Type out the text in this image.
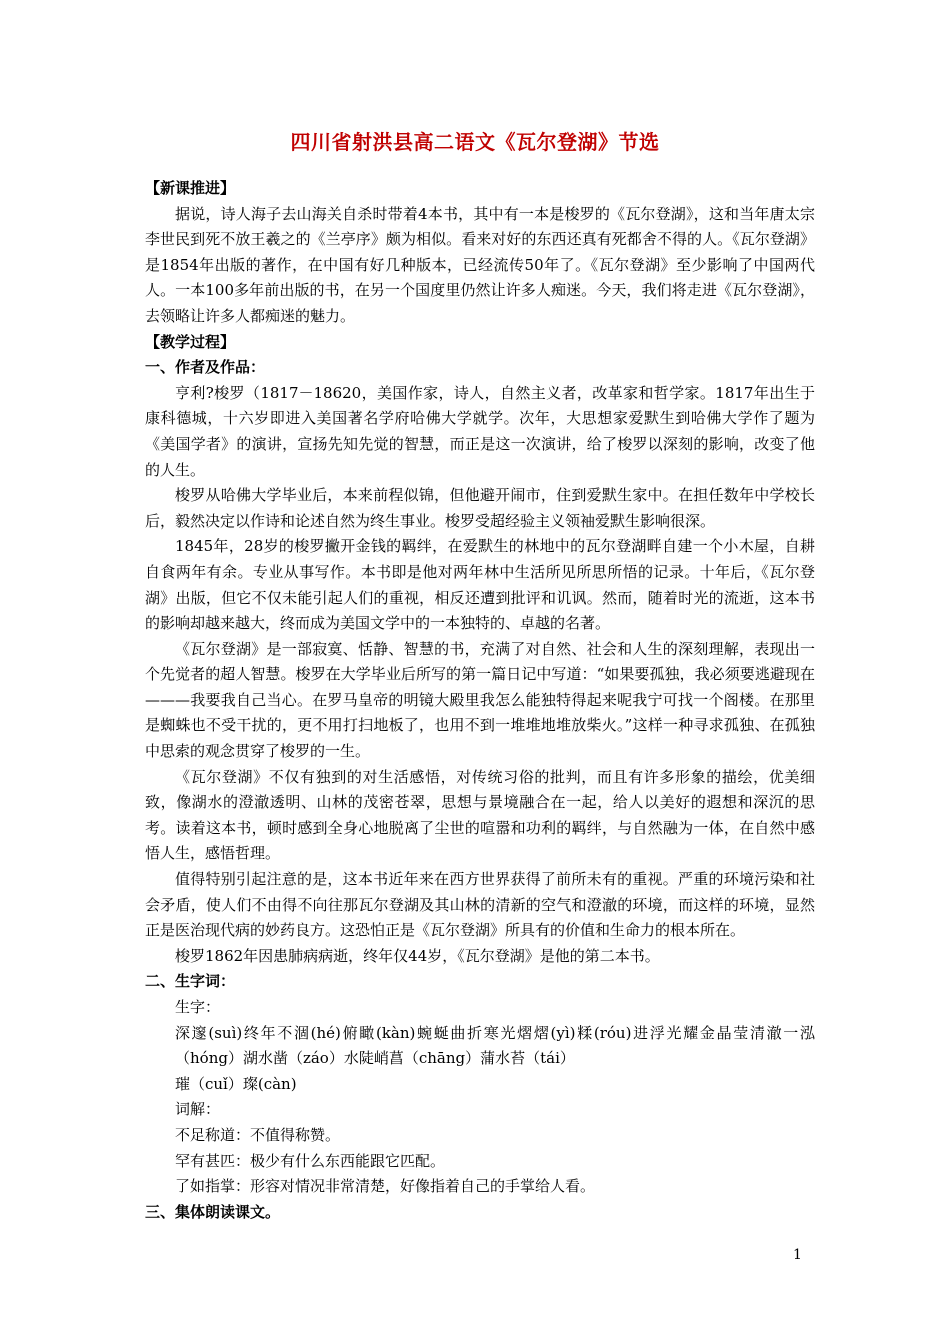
四川省射洪县高二语文《瓦尔登湖》节选

【新课推进】

据说，诗人海子去山海关自杀时带着4本书，其中有一本是梭罗的《瓦尔登湖》，这和当年唐太宗李世民到死不放王羲之的《兰亭序》颇为相似。看来对好的东西还真有死都舍不得的人。《瓦尔登湖》是1854年出版的著作，在中国有好几种版本，已经流传50年了。《瓦尔登湖》至少影响了中国两代人。一本100多年前出版的书，在另一个国度里仍然让许多人痴迷。今天，我们将走进《瓦尔登湖》，去领略让许多人都痴迷的魅力。

【教学过程】

一、作者及作品：

亨利?梭罗（1817－18620，美国作家，诗人，自然主义者，改革家和哲学家。1817年出生于康科德城，十六岁即进入美国著名学府哈佛大学就学。次年，大思想家爱默生到哈佛大学作了题为《美国学者》的演讲，宣扬先知先觉的智慧，而正是这一次演讲，给了梭罗以深刻的影响，改变了他的人生。

梭罗从哈佛大学毕业后，本来前程似锦，但他避开闹市，住到爱默生家中。在担任数年中学校长后，毅然决定以作诗和论述自然为终生事业。梭罗受超经验主义领袖爱默生影响很深。

1845年，28岁的梭罗撇开金钱的羁绊，在爱默生的林地中的瓦尔登湖畔自建一个小木屋，自耕自食两年有余。专业从事写作。本书即是他对两年林中生活所见所思所悟的记录。十年后，《瓦尔登湖》出版，但它不仅未能引起人们的重视，相反还遭到批评和讥讽。然而，随着时光的流逝，这本书的影响却越来越大，终而成为美国文学中的一本独特的、卓越的名著。

《瓦尔登湖》是一部寂寞、恬静、智慧的书，充满了对自然、社会和人生的深刻理解，表现出一个先觉者的超人智慧。梭罗在大学毕业后所写的第一篇日记中写道：“如果要孤独，我必须要逃避现在———我要我自己当心。在罗马皇帝的明镜大殿里我怎么能独特得起来呢我宁可找一个阁楼。在那里是蜘蛛也不受干扰的，更不用打扫地板了，也用不到一堆堆地堆放柴火。”这样一种寻求孤独、在孤独中思索的观念贯穿了梭罗的一生。

《瓦尔登湖》不仅有独到的对生活感悟，对传统习俗的批判，而且有许多形象的描绘，优美细致，像湖水的澄澈透明、山林的茂密苍翠，思想与景境融合在一起，给人以美好的遐想和深沉的思考。读着这本书，顿时感到全身心地脱离了尘世的喧嚣和功利的羁绊，与自然融为一体，在自然中感悟人生，感悟哲理。

值得特别引起注意的是，这本书近年来在西方世界获得了前所未有的重视。严重的环境污染和社会矛盾，使人们不由得不向往那瓦尔登湖及其山林的清新的空气和澄澈的环境，而这样的环境，显然正是医治现代病的妙药良方。这恐怕正是《瓦尔登湖》所具有的价值和生命力的根本所在。

梭罗1862年因患肺病病逝，终年仅44岁，《瓦尔登湖》是他的第二本书。

二、生字词：

生字：

深邃(suì)终年不涸(hé)俯瞰(kàn)蜿蜒曲折寒光熠熠(yì)糅(róu)进浮光耀金晶莹清澈一泓（hóng）湖水凿（záo）水陡峭菖（chāng）蒲水苔（tái）

璀（cuǐ）璨(càn)

词解：

不足称道：不值得称赞。

罕有甚匹：极少有什么东西能跟它匹配。

了如指掌：形容对情况非常清楚，好像指着自己的手掌给人看。

三、集体朗读课文。

1
